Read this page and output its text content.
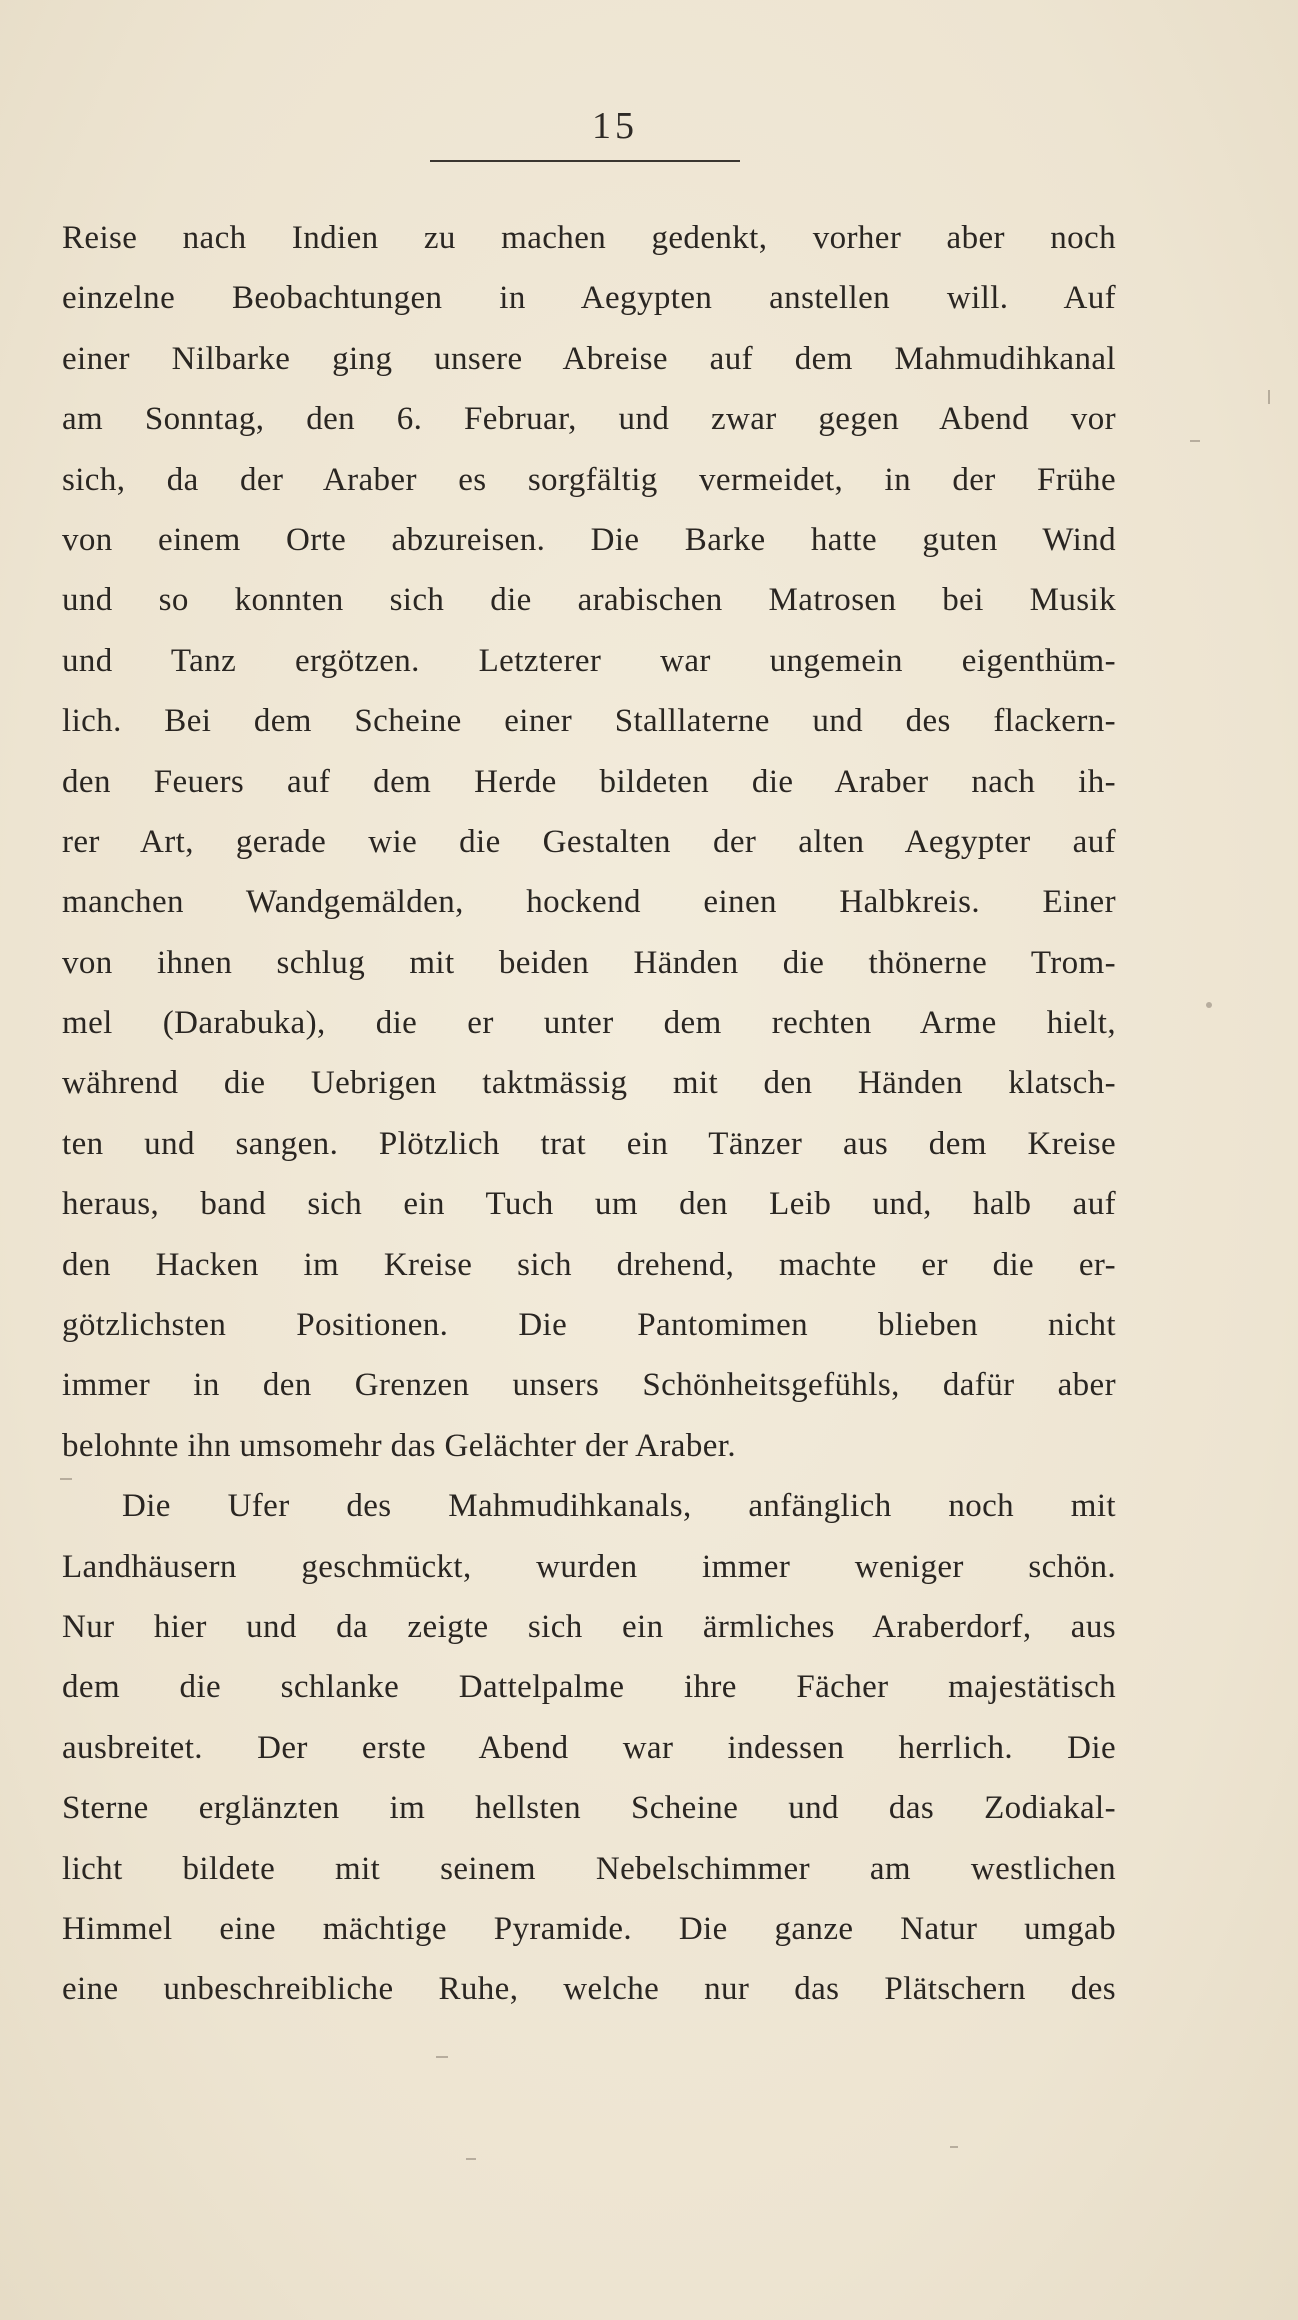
15
Reise nach Indien zu machen gedenkt, vorher aber noch
einzelne Beobachtungen in Aegypten anstellen will. Auf
einer Nilbarke ging unsere Abreise auf dem Mahmudihkanal
am Sonntag, den 6. Februar, und zwar gegen Abend vor
sich, da der Araber es sorgfältig vermeidet, in der Frühe
von einem Orte abzureisen. Die Barke hatte guten Wind
und so konnten sich die arabischen Matrosen bei Musik
und Tanz ergötzen. Letzterer war ungemein eigenthüm-
lich. Bei dem Scheine einer Stalllaterne und des flackern-
den Feuers auf dem Herde bildeten die Araber nach ih-
rer Art, gerade wie die Gestalten der alten Aegypter auf
manchen Wandgemälden, hockend einen Halbkreis. Einer
von ihnen schlug mit beiden Händen die thönerne Trom-
mel (Darabuka), die er unter dem rechten Arme hielt,
während die Uebrigen taktmässig mit den Händen klatsch-
ten und sangen. Plötzlich trat ein Tänzer aus dem Kreise
heraus, band sich ein Tuch um den Leib und, halb auf
den Hacken im Kreise sich drehend, machte er die er-
götzlichsten Positionen. Die Pantomimen blieben nicht
immer in den Grenzen unsers Schönheitsgefühls, dafür aber
belohnte ihn umsomehr das Gelächter der Araber.
Die Ufer des Mahmudihkanals, anfänglich noch mit
Landhäusern geschmückt, wurden immer weniger schön.
Nur hier und da zeigte sich ein ärmliches Araberdorf, aus
dem die schlanke Dattelpalme ihre Fächer majestätisch
ausbreitet. Der erste Abend war indessen herrlich. Die
Sterne erglänzten im hellsten Scheine und das Zodiakal-
licht bildete mit seinem Nebelschimmer am westlichen
Himmel eine mächtige Pyramide. Die ganze Natur umgab
eine unbeschreibliche Ruhe, welche nur das Plätschern des
